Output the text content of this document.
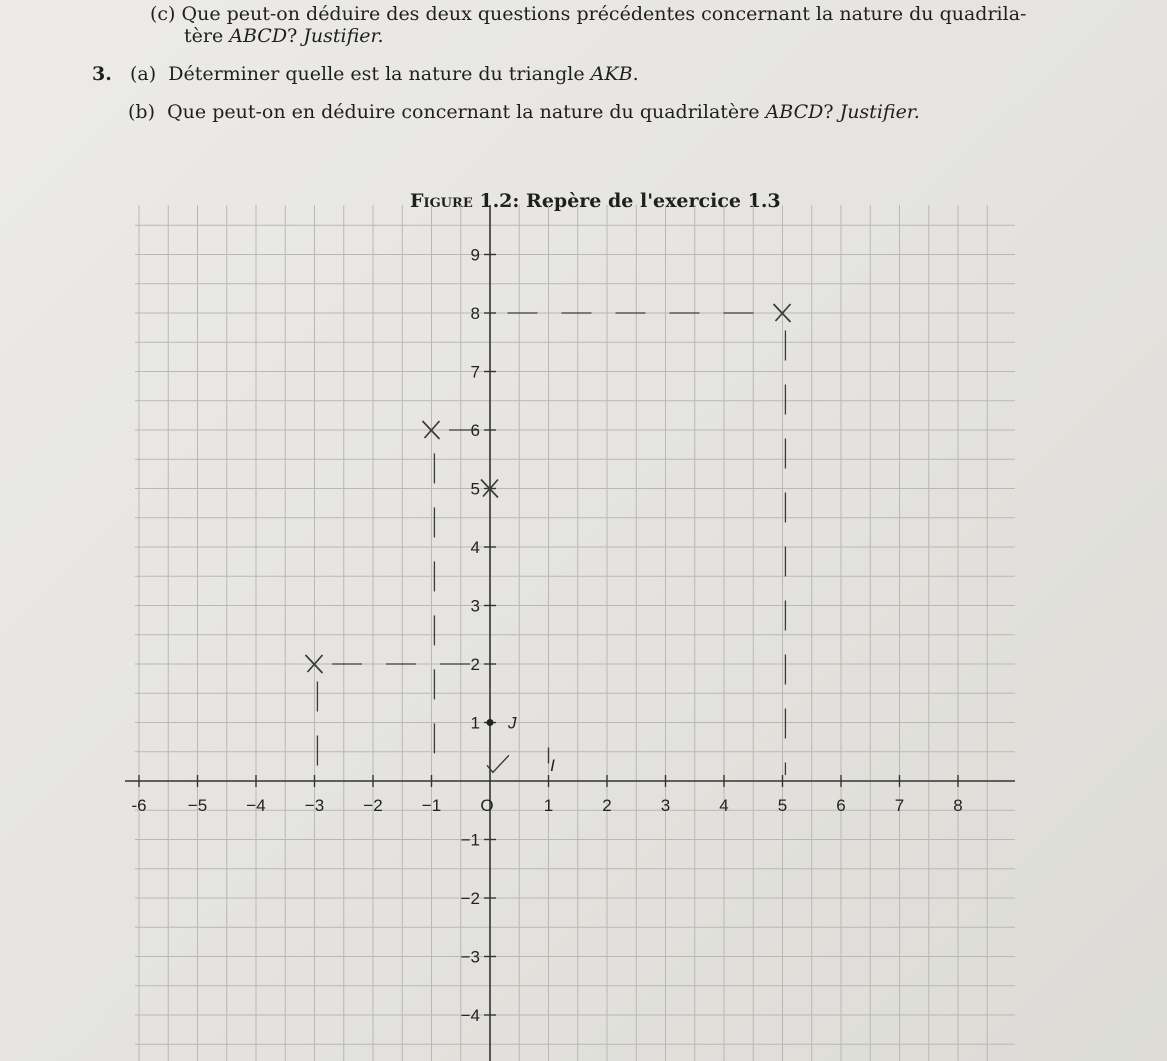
(c) Que peut-on déduire des deux questions précédentes concernant la nature du quadrila-
tère ABCD? Justifier.
3. (a) Déterminer quelle est la nature du triangle AKB.
(b) Que peut-on en déduire concernant la nature du quadrilatère ABCD? Justifier.
Figure 1.2: Repère de l'exercice 1.3
-6 −5 −4 −3 −2 −1 O	1	2	3	4	5	6	7	8
9
8
7
6
5
4
3
2
1
−1
−2
−3
−4
J
I
